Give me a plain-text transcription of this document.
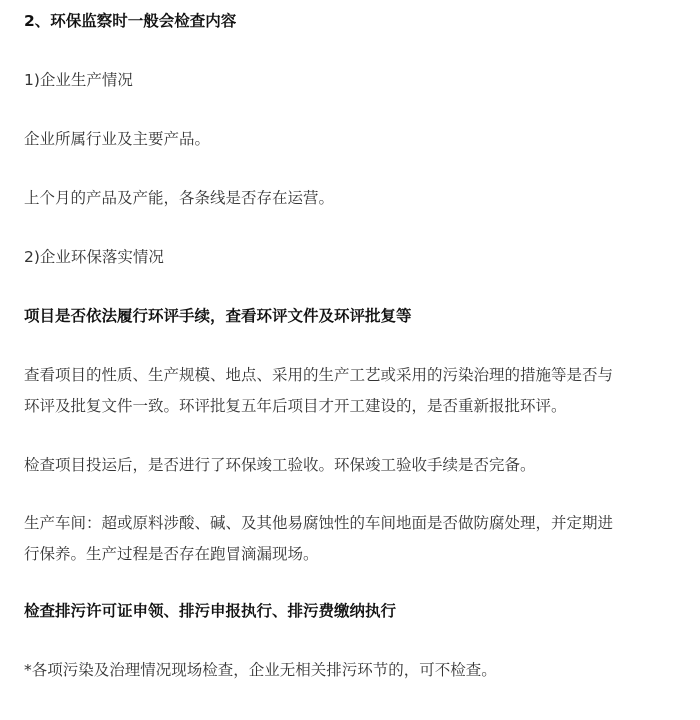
2、环保监察时一般会检查内容

1)企业生产情况

企业所属行业及主要产品。

上个月的产品及产能，各条线是否存在运营。

2)企业环保落实情况

项目是否依法履行环评手续，查看环评文件及环评批复等

查看项目的性质、生产规模、地点、采用的生产工艺或采用的污染治理的措施等是否与

环评及批复文件一致。环评批复五年后项目才开工建设的，是否重新报批环评。

检查项目投运后，是否进行了环保竣工验收。环保竣工验收手续是否完备。

生产车间：超或原料涉酸、碱、及其他易腐蚀性的车间地面是否做防腐处理，并定期进

行保养。生产过程是否存在跑冒滴漏现场。

检查排污许可证申领、排污申报执行、排污费缴纳执行

*各项污染及治理情况现场检查，企业无相关排污环节的，可不检查。
